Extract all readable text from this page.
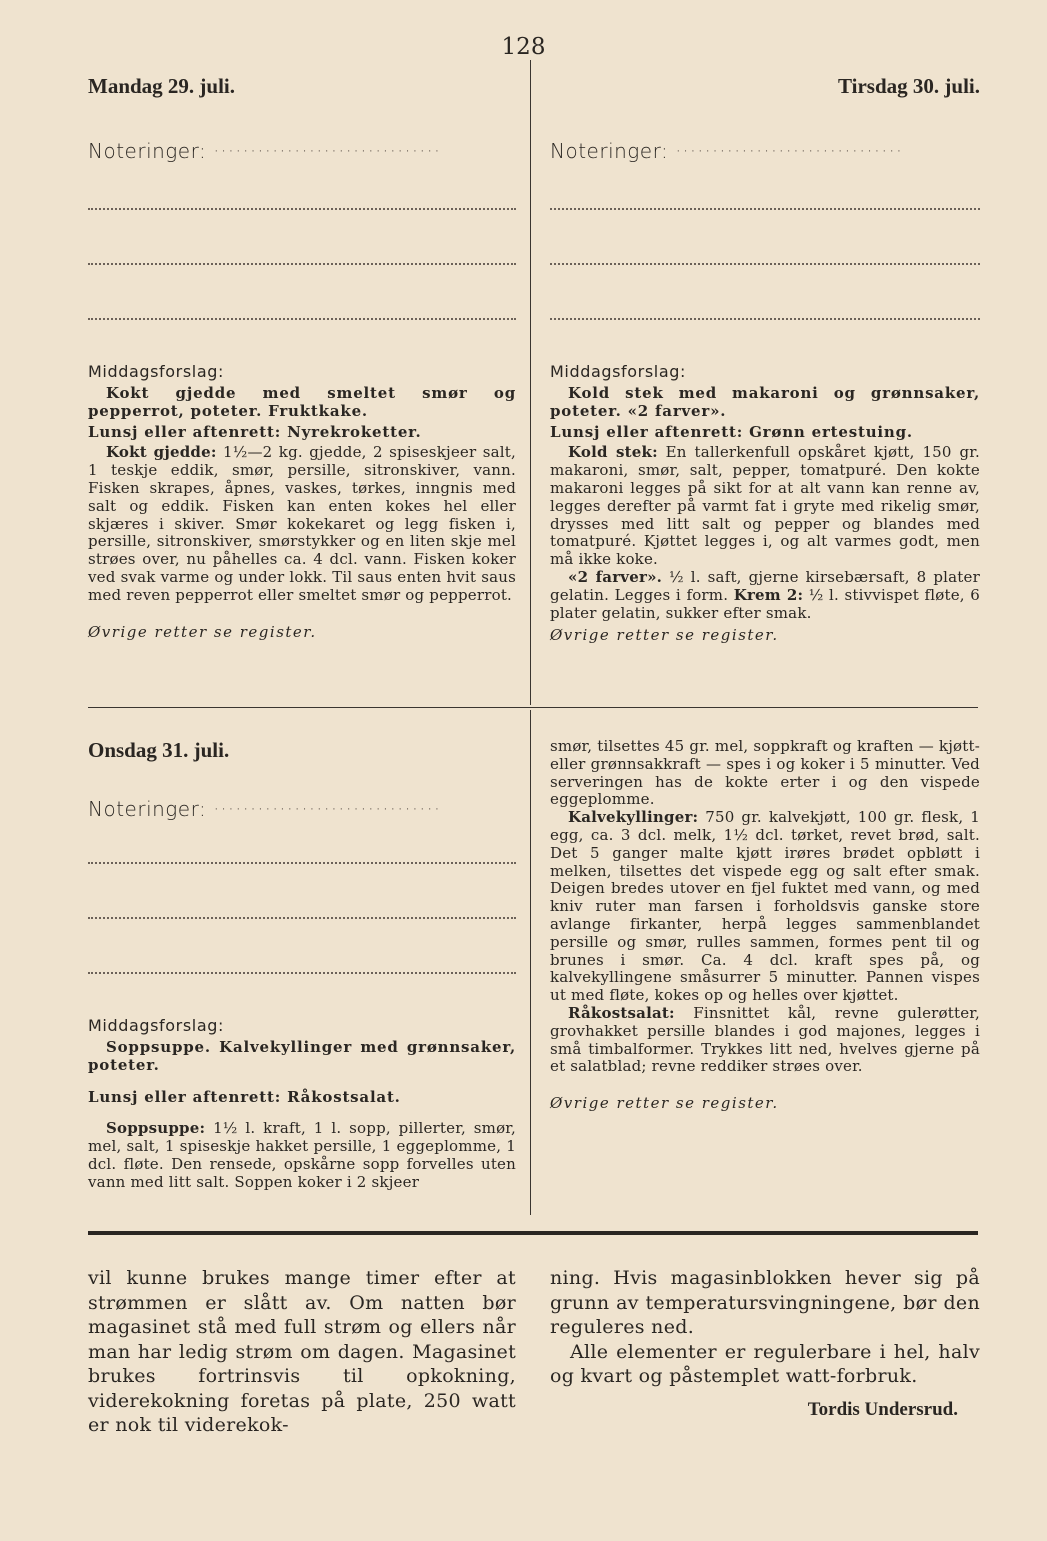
128
Mandag 29. juli.
Noteringer: ·······························
Middagsforslag:

Kokt gjedde med smeltet smør og pepperrot, poteter. Fruktkake.

Lunsj eller aftenrett: Nyrekroketter.

Kokt gjedde: 1½—2 kg. gjedde, 2 spiseskjeer salt, 1 teskje eddik, smør, persille, sitronskiver, vann. Fisken skrapes, åpnes, vaskes, tørkes, inngnis med salt og eddik. Fisken kan enten kokes hel eller skjæres i skiver. Smør kokekaret og legg fisken i, persille, sitronskiver, smørstykker og en liten skje mel strøes over, nu påhelles ca. 4 dcl. vann. Fisken koker ved svak varme og under lokk. Til saus enten hvit saus med reven pepperrot eller smeltet smør og pepperrot.

Øvrige retter se register.

Tirsdag 30. juli.
Noteringer: ·······························
Middagsforslag:

Kold stek med makaroni og grønnsaker, poteter. «2 farver».

Lunsj eller aftenrett: Grønn ertestuing.

Kold stek: En tallerkenfull opskåret kjøtt, 150 gr. makaroni, smør, salt, pepper, tomatpuré. Den kokte makaroni legges på sikt for at alt vann kan renne av, legges derefter på varmt fat i gryte med rikelig smør, drysses med litt salt og pepper og blandes med tomatpuré. Kjøttet legges i, og alt varmes godt, men må ikke koke.

«2 farver». ½ l. saft, gjerne kirsebærsaft, 8 plater gelatin. Legges i form. Krem 2: ½ l. stivvispet fløte, 6 plater gelatin, sukker efter smak.

Øvrige retter se register.

Onsdag 31. juli.
Noteringer: ·······························
Middagsforslag:

Soppsuppe. Kalvekyllinger med grønnsaker, poteter.

Lunsj eller aftenrett: Råkostsalat.

Soppsuppe: 1½ l. kraft, 1 l. sopp, pillerter, smør, mel, salt, 1 spiseskje hakket persille, 1 eggeplomme, 1 dcl. fløte. Den rensede, opskårne sopp forvelles uten vann med litt salt. Soppen koker i 2 skjeer

smør, tilsettes 45 gr. mel, soppkraft og kraften — kjøtt- eller grønnsakkraft — spes i og koker i 5 minutter. Ved serveringen has de kokte erter i og den vispede eggeplomme.

Kalvekyllinger: 750 gr. kalvekjøtt, 100 gr. flesk, 1 egg, ca. 3 dcl. melk, 1½ dcl. tørket, revet brød, salt. Det 5 ganger malte kjøtt irøres brødet opbløtt i melken, tilsettes det vispede egg og salt efter smak. Deigen bredes utover en fjel fuktet med vann, og med kniv ruter man farsen i forholdsvis ganske store avlange firkanter, herpå legges sammenblandet persille og smør, rulles sammen, formes pent til og brunes i smør. Ca. 4 dcl. kraft spes på, og kalvekyllingene småsurrer 5 minutter. Pannen vispes ut med fløte, kokes op og helles over kjøttet.

Råkostsalat: Finsnittet kål, revne gulerøtter, grovhakket persille blandes i god majones, legges i små timbalformer. Trykkes litt ned, hvelves gjerne på et salatblad; revne reddiker strøes over.

Øvrige retter se register.

vil kunne brukes mange timer efter at strømmen er slått av. Om natten bør magasinet stå med full strøm og ellers når man har ledig strøm om dagen. Magasinet brukes fortrinsvis til opkokning, viderekokning foretas på plate, 250 watt er nok til viderekok-

ning. Hvis magasinblokken hever sig på grunn av temperatursvingningene, bør den reguleres ned.

Alle elementer er regulerbare i hel, halv og kvart og påstemplet watt-forbruk.

Tordis Undersrud.
